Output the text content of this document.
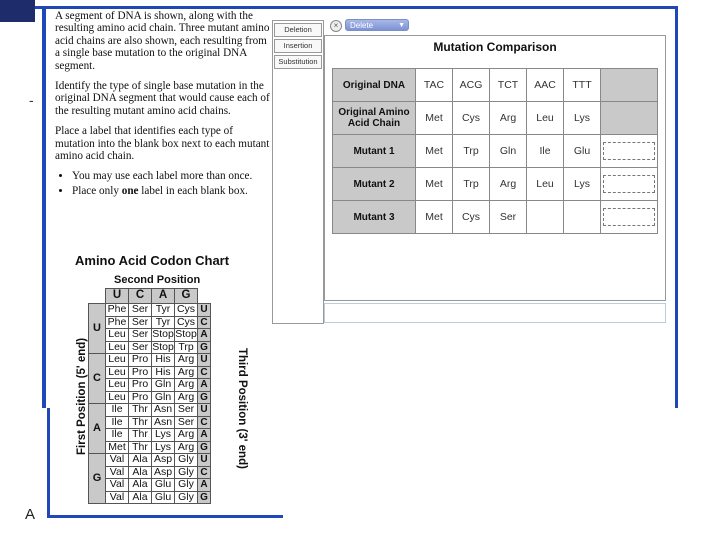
-
A

A segment of DNA is shown, along with the resulting amino acid chain. Three mutant amino acid chains are also shown, each resulting from a single base mutation to the original DNA segment.

Identify the type of single base mutation in the original DNA segment that would cause each of the resulting mutant amino acid chains.

Place a label that identifies each type of mutation into the blank box next to each mutant amino acid chain.

• You may use each label more than once.
• Place only one label in each blank box.
Amino Acid Codon Chart
Second Position
	U	C	A	G	
U	Phe	Ser	Tyr	Cys	U
	Phe	Ser	Tyr	Cys	C
	Leu	Ser	Stop	Stop	A
	Leu	Ser	Stop	Trp	G
C	Leu	Pro	His	Arg	U
	Leu	Pro	His	Arg	C
	Leu	Pro	Gln	Arg	A
	Leu	Pro	Gln	Arg	G
A	Ile	Thr	Asn	Ser	U
	Ile	Thr	Asn	Ser	C
	Ile	Thr	Lys	Arg	A
	Met	Thr	Lys	Arg	G
G	Val	Ala	Asp	Gly	U
	Val	Ala	Asp	Gly	C
	Val	Ala	Glu	Gly	A
	Val	Ala	Glu	Gly	G
First Position (5' end)	Third Position (3' end)
Deletion
Insertion
Substitution
×	Delete	▼
Mutation Comparison
Original DNA	TAC	ACG	TCT	AAC	TTT	
Original Amino Acid Chain	Met	Cys	Arg	Leu	Lys	
Mutant 1	Met	Trp	Gln	Ile	Glu	

Mutant 2	Met	Trp	Arg	Leu	Lys	

Mutant 3	Met	Cys	Ser			
